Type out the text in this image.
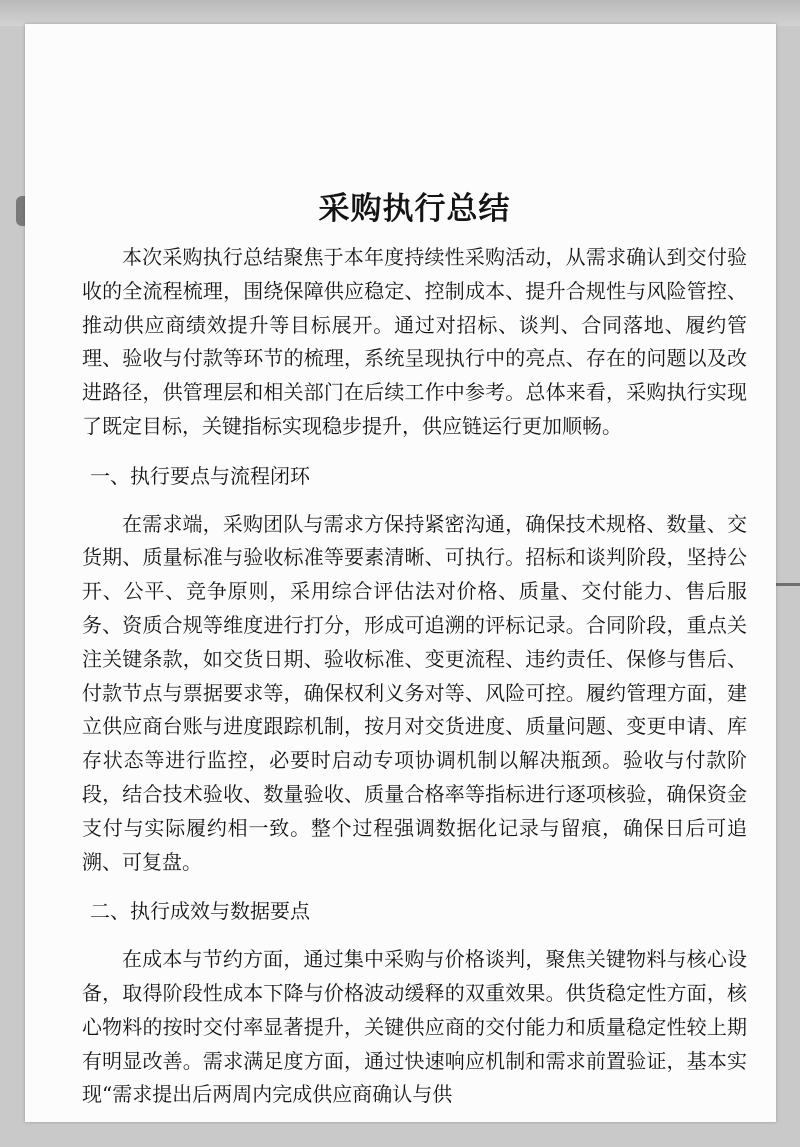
采购执行总结

本次采购执行总结聚焦于本年度持续性采购活动，从需求确认到交付验收的全流程梳理，围绕保障供应稳定、控制成本、提升合规性与风险管控、推动供应商绩效提升等目标展开。通过对招标、谈判、合同落地、履约管理、验收与付款等环节的梳理，系统呈现执行中的亮点、存在的问题以及改进路径，供管理层和相关部门在后续工作中参考。总体来看，采购执行实现了既定目标，关键指标实现稳步提升，供应链运行更加顺畅。

一、执行要点与流程闭环

在需求端，采购团队与需求方保持紧密沟通，确保技术规格、数量、交货期、质量标准与验收标准等要素清晰、可执行。招标和谈判阶段，坚持公开、公平、竞争原则，采用综合评估法对价格、质量、交付能力、售后服务、资质合规等维度进行打分，形成可追溯的评标记录。合同阶段，重点关注关键条款，如交货日期、验收标准、变更流程、违约责任、保修与售后、付款节点与票据要求等，确保权利义务对等、风险可控。履约管理方面，建立供应商台账与进度跟踪机制，按月对交货进度、质量问题、变更申请、库存状态等进行监控，必要时启动专项协调机制以解决瓶颈。验收与付款阶段，结合技术验收、数量验收、质量合格率等指标进行逐项核验，确保资金支付与实际履约相一致。整个过程强调数据化记录与留痕，确保日后可追溯、可复盘。

二、执行成效与数据要点

在成本与节约方面，通过集中采购与价格谈判，聚焦关键物料与核心设备，取得阶段性成本下降与价格波动缓释的双重效果。供货稳定性方面，核心物料的按时交付率显著提升，关键供应商的交付能力和质量稳定性较上期有明显改善。需求满足度方面，通过快速响应机制和需求前置验证，基本实现“需求提出后两周内完成供应商确认与供
